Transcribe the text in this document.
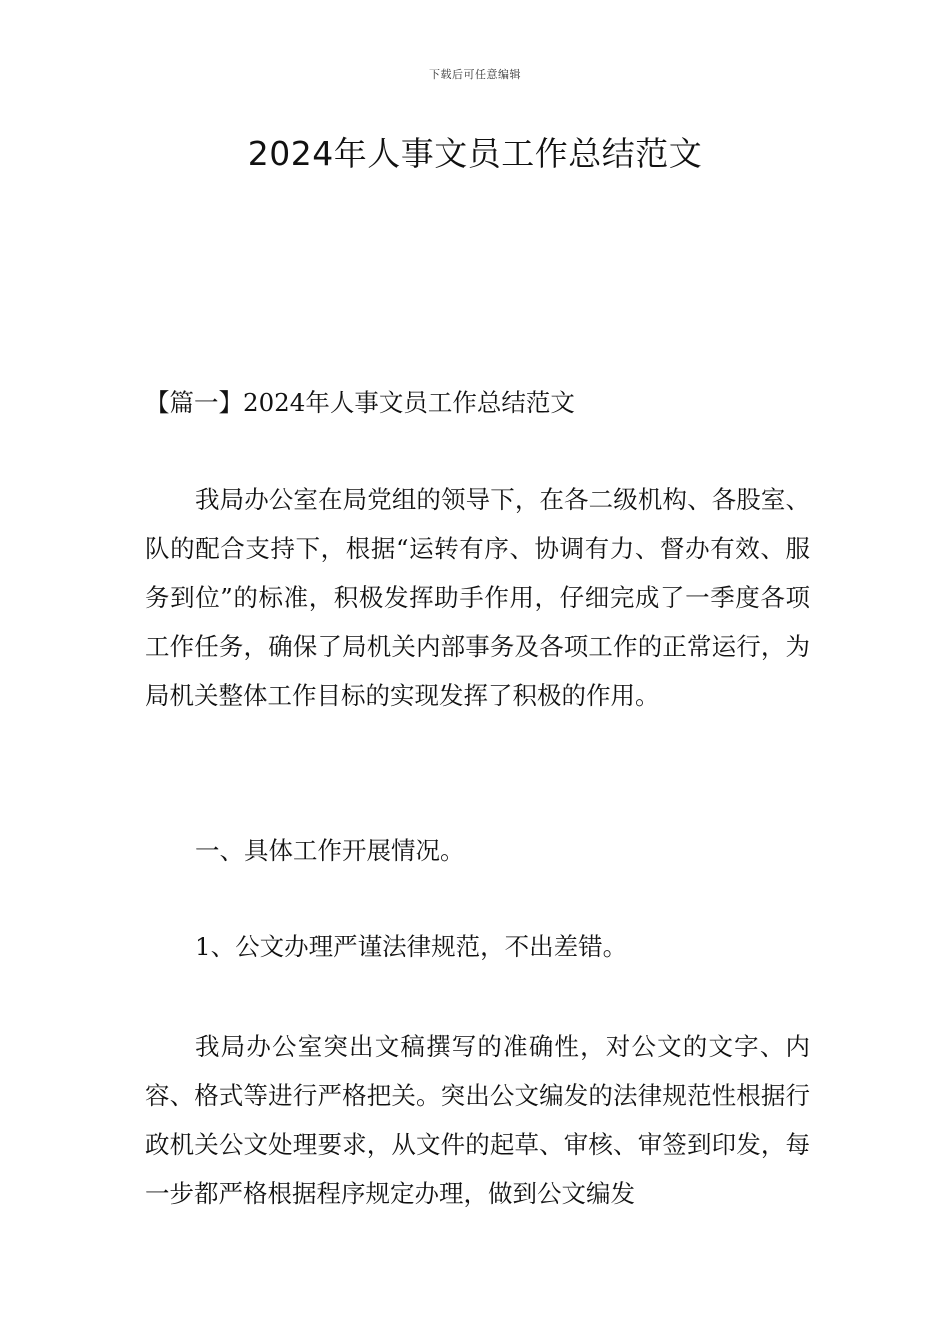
下载后可任意编辑
2024年人事文员工作总结范文

【篇一】2024年人事文员工作总结范文

我局办公室在局党组的领导下，在各二级机构、各股室、队的配合支持下，根据“运转有序、协调有力、督办有效、服务到位”的标准，积极发挥助手作用，仔细完成了一季度各项工作任务，确保了局机关内部事务及各项工作的正常运行，为局机关整体工作目标的实现发挥了积极的作用。

一、具体工作开展情况。

1、公文办理严谨法律规范，不出差错。

我局办公室突出文稿撰写的准确性，对公文的文字、内容、格式等进行严格把关。突出公文编发的法律规范性根据行政机关公文处理要求，从文件的起草、审核、审签到印发，每一步都严格根据程序规定办理，做到公文编发
